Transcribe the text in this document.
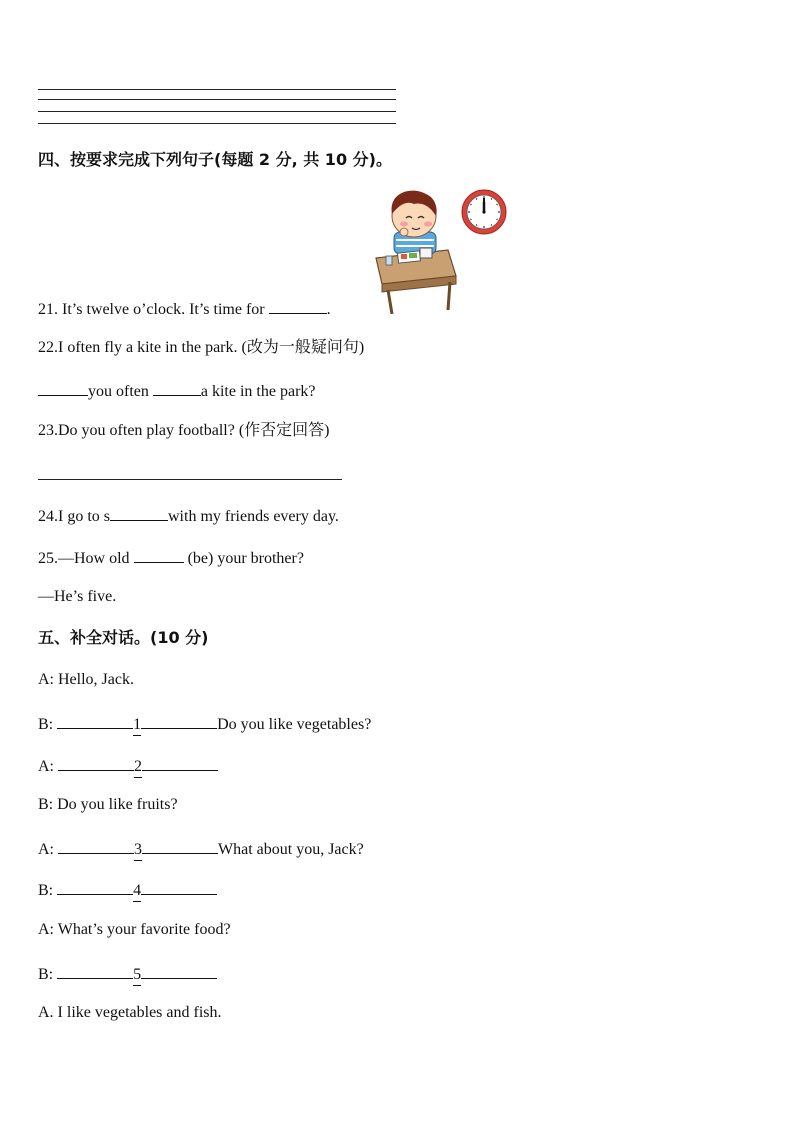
四、按要求完成下列句子(每题 2 分, 共 10 分)。
21. It’s twelve o’clock. It’s time for	.
22.I often fly a kite in the park. (改为一般疑问句)
you often	a kite in the park?
23.Do you often play football? (作否定回答)
24.I go to s	with my friends every day.
25.—How old	(be) your brother?
—He’s five.
五、补全对话。(10 分)
A: Hello, Jack.
B:	1	Do you like vegetables?
A:	2
B: Do you like fruits?
A:	3	What about you, Jack?
B:	4
A: What’s your favorite food?
B:	5
A. I like vegetables and fish.
